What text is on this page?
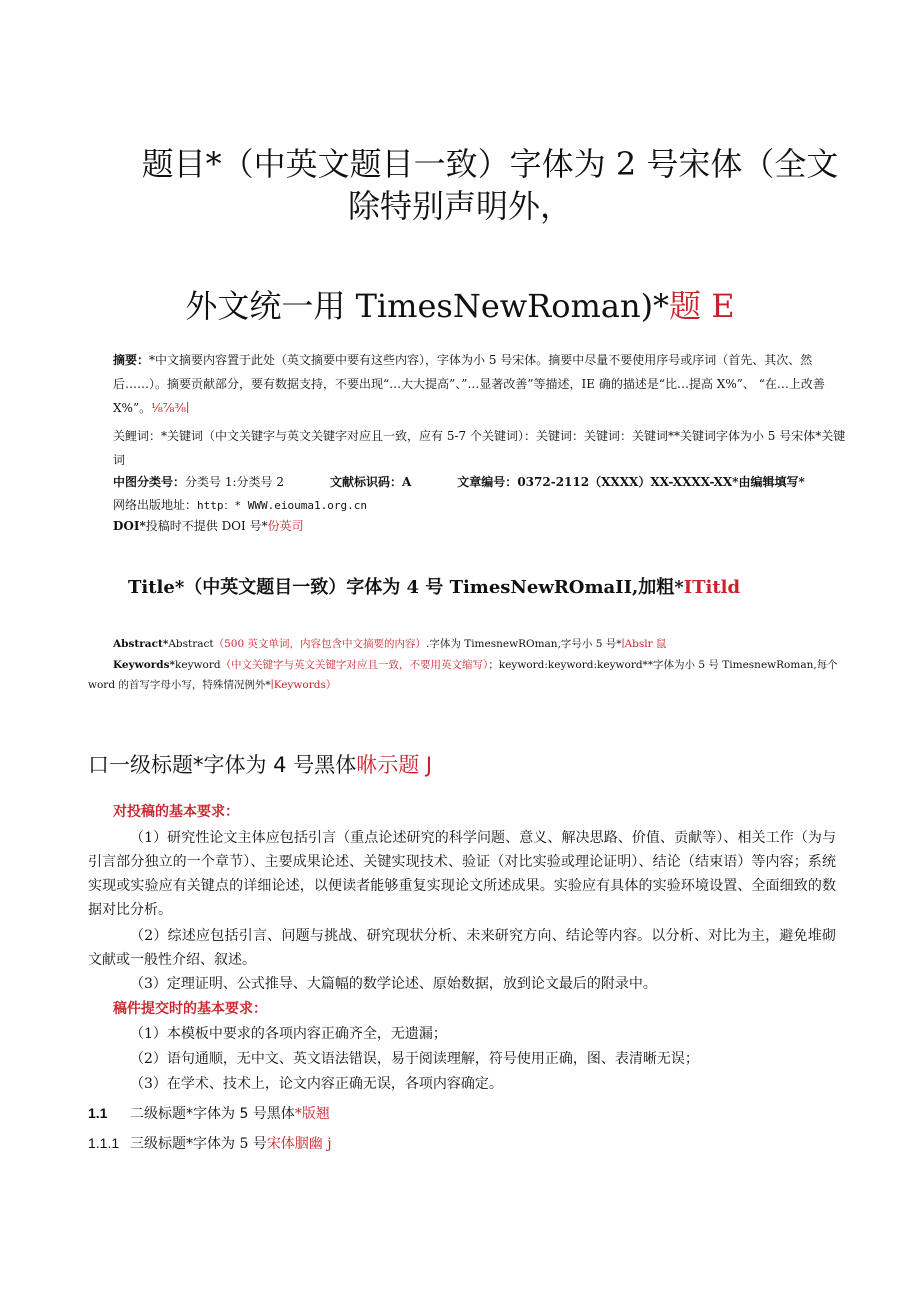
题目*（中英文题目一致）字体为 2 号宋体（全文
除特别声明外，
外文统一用 TimesNewRoman)*题 E
摘要：*中文摘要内容置于此处（英文摘要中要有这些内容），字体为小 5 号宋体。摘要中尽量不要使用序号或序词（首先、其次、然后……）。摘要贡献部分，要有数据支持，不要出现“…大大提高”、”…显著改善”等描述，IE 确的描述是“比…提高 X%”、 “在…上改善 X%”。⅛⅞⅜∣
关鲤词：*关键词（中文关键字与英文关键字对应且一致，应有 5-7 个关键词）：关键词：关键词：关键词**关键词字体为小 5 号宋体*关键词
中图分类号：分类号 1:分类号 2	文献标识码：A	文章编号：0372-2112（XXXX）XX-XXXX-XX*由编辑填写*
网络出版地址：http：* WWW.eiouma1.org.cn
DOI*投稿时不提供 DOI 号*份英司
Title*（中英文题目一致）字体为 4 号 TimesNewROmaII,加粗*ITitld
Abstract*Abstract（500 英文单词，内容包含中文摘要的内容）.字体为 TimesnewROman,字号小 5 号*∣Abslr 鼠
Keywords*keyword（中文关键字与英文关键字对应且一致，不要用英文缩写）；keyword:keyword:keyword**字体为小 5 号 TimesnewRoman,每个 word 的首写字母小写，特殊情况例外*∣Keywords）
口一级标题*字体为 4 号黑体咻示题 J
对投稿的基本要求：
（1）研究性论文主体应包括引言（重点论述研究的科学问题、意义、解决思路、价值、贡献等）、相关工作（为与引言部分独立的一个章节）、主要成果论述、关键实现技术、验证（对比实验或理论证明）、结论（结束语）等内容；系统实现或实验应有关键点的详细论述，以便读者能够重复实现论文所述成果。实验应有具体的实验环境设置、全面细致的数据对比分析。
（2）综述应包括引言、问题与挑战、研究现状分析、未来研究方向、结论等内容。以分析、对比为主，避免堆砌文献或一般性介绍、叙述。
（3）定理证明、公式推导、大篇幅的数学论述、原始数据，放到论文最后的附录中。
稿件提交时的基本要求：
（1）本模板中要求的各项内容正确齐全，无遗漏；
（2）语句通顺，无中文、英文语法错误，易于阅读理解，符号使用正确，图、表清晰无误；
（3）在学术、技术上，论文内容正确无误，各项内容确定。
1.1 二级标题*字体为 5 号黑体*版翘
1.1.1 三级标题*字体为 5 号宋体胭幽 j
